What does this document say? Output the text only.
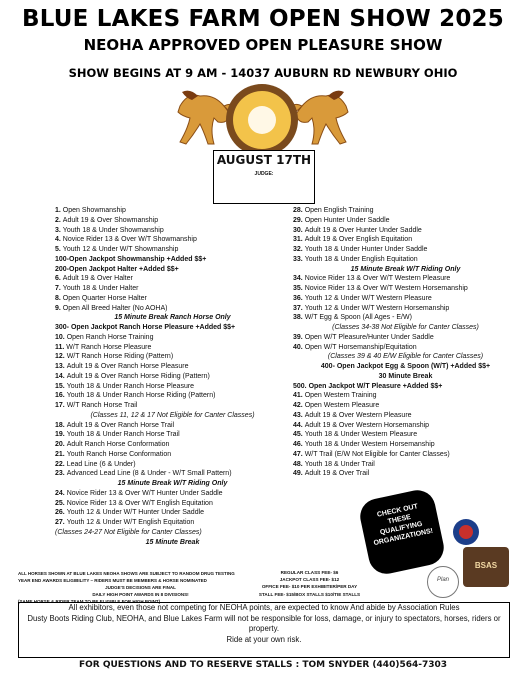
BLUE LAKES FARM OPEN SHOW 2025
NEOHA APPROVED OPEN PLEASURE SHOW
SHOW BEGINS AT 9 AM - 14037 AUBURN RD NEWBURY OHIO
AUGUST 17TH
JUDGE:
1. Open Showmanship
2. Adult 19 & Over Showmanship
3. Youth 18 & Under Showmanship
4. Novice Rider 13 & Over W/T Showmanship
5. Youth 12 & Under W/T Showmanship
100-Open Jackpot Showmanship +Added $$+
200-Open Jackpot Halter +Added $$+
6. Adult 19 & Over Halter
7. Youth 18 & Under Halter
8. Open Quarter Horse Halter
9. Open All Breed Halter (No AOHA)
15 Minute Break Ranch Horse Only
300- Open Jackpot Ranch Horse Pleasure +Added $$+
10. Open Ranch Horse Training
11. W/T Ranch Horse Pleasure
12. W/T Ranch Horse Riding (Pattern)
13. Adult 19 & Over Ranch Horse Pleasure
14. Adult 19 & Over Ranch Horse Riding (Pattern)
15. Youth 18 & Under Ranch Horse Pleasure
16. Youth 18 & Under Ranch Horse Riding (Pattern)
17. W/T Ranch Horse Trail
(Classes 11, 12 & 17 Not Eligible for Canter Classes)
18. Adult 19 & Over Ranch Horse Trail
19. Youth 18 & Under Ranch Horse Trail
20. Adult Ranch Horse Conformation
21. Youth Ranch Horse Conformation
22. Lead Line (6 & Under)
23. Advanced Lead Line (8 & Under - W/T Small Pattern)
15 Minute Break W/T Riding Only
24. Novice Rider 13 & Over W/T Hunter Under Saddle
25. Novice Rider 13 & Over W/T English Equitation
26. Youth 12 & Under W/T Hunter Under Saddle
27. Youth 12 & Under W/T English Equitation
(Classes 24-27 Not Eligible for Canter Classes)
15 Minute Break
28. Open English Training
29. Open Hunter Under Saddle
30. Adult 19 & Over Hunter Under Saddle
31. Adult 19 & Over English Equitation
32. Youth 18 & Under Hunter Under Saddle
33. Youth 18 & Under English Equitation
15 Minute Break W/T Riding Only
34. Novice Rider 13 & Over W/T Western Pleasure
35. Novice Rider 13 & Over W/T Western Horsemanship
36. Youth 12 & Under W/T Western Pleasure
37. Youth 12 & Under W/T Western Horsemanship
38. W/T Egg & Spoon (All Ages - E/W)
(Classes 34-38 Not Eligible for Canter Classes)
39. Open W/T Pleasure/Hunter Under Saddle
40. Open W/T Horsemanship/Equitation
(Classes 39 & 40 E/W Eligible for Canter Classes)
400- Open Jackpot Egg & Spoon (W/T) +Added $$+
30 Minute Break
500. Open Jackpot W/T Pleasure +Added $$+
41. Open Western Training
42. Open Western Pleasure
43. Adult 19 & Over Western Pleasure
44. Adult 19 & Over Western Horsemanship
45. Youth 18 & Under Western Pleasure
46. Youth 18 & Under Western Horsemanship
47. W/T Trail (E/W Not Eligible for Canter Classes)
48. Youth 18 & Under Trail
49. Adult 19 & Over Trail
ALL HORSES SHOWN AT BLUE LAKES NEOHA SHOWS ARE SUBJECT TO RANDOM DRUG TESTING
YEAR END AWARDS ELIGIBILITY – RIDERS MUST BE MEMBERS & HORSE NOMINATED
JUDGE'S DECISIONS ARE FINAL
DAILY HIGH POINT AWARDS IN 8 DIVISIONS!
(SAME HORSE & RIDER TEAM TO BE ELIGIBLE FOR HIGH POINT)
REGULAR CLASS FEE- $6
JACKPOT CLASS FEE- $12
OFFICE FEE- $10 PER EXHIBITER/PER DAY
STALL FEE- $15/BOX STALLS $10/TIE STALLS
CHECK OUT THESE QUALIFYING ORGANIZATIONS!
Plan
BSAS
All exhibitors, even those not competing for NEOHA points, are expected to know And abide by Association Rules
Dusty Boots Riding Club, NEOHA, and Blue Lakes Farm will not be responsible for loss, damage, or injury to spectators, horses, riders or property.
Ride at your own risk.
FOR QUESTIONS AND TO RESERVE STALLS : TOM SNYDER (440)564-7303
